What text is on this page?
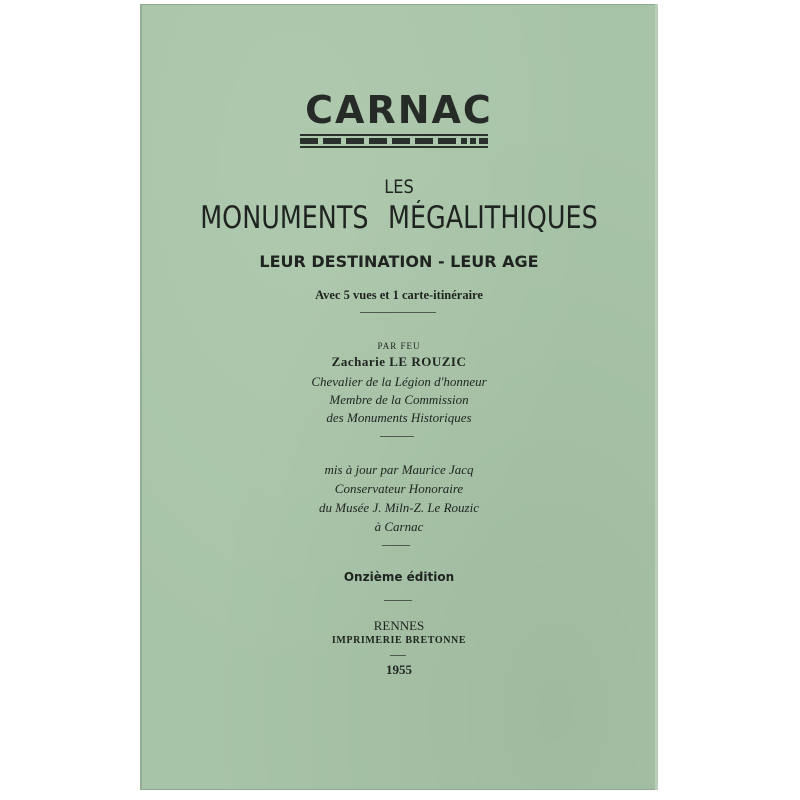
CARNAC
LES
MONUMENTS MÉGALITHIQUES
LEUR DESTINATION - LEUR AGE
Avec 5 vues et 1 carte-itinéraire
PAR FEU
Zacharie LE ROUZIC
Chevalier de la Légion d'honneur
Membre de la Commission
des Monuments Historiques
mis à jour par Maurice Jacq
Conservateur Honoraire
du Musée J. Miln-Z. Le Rouzic
à Carnac
Onzième édition
RENNES
IMPRIMERIE BRETONNE
1955
